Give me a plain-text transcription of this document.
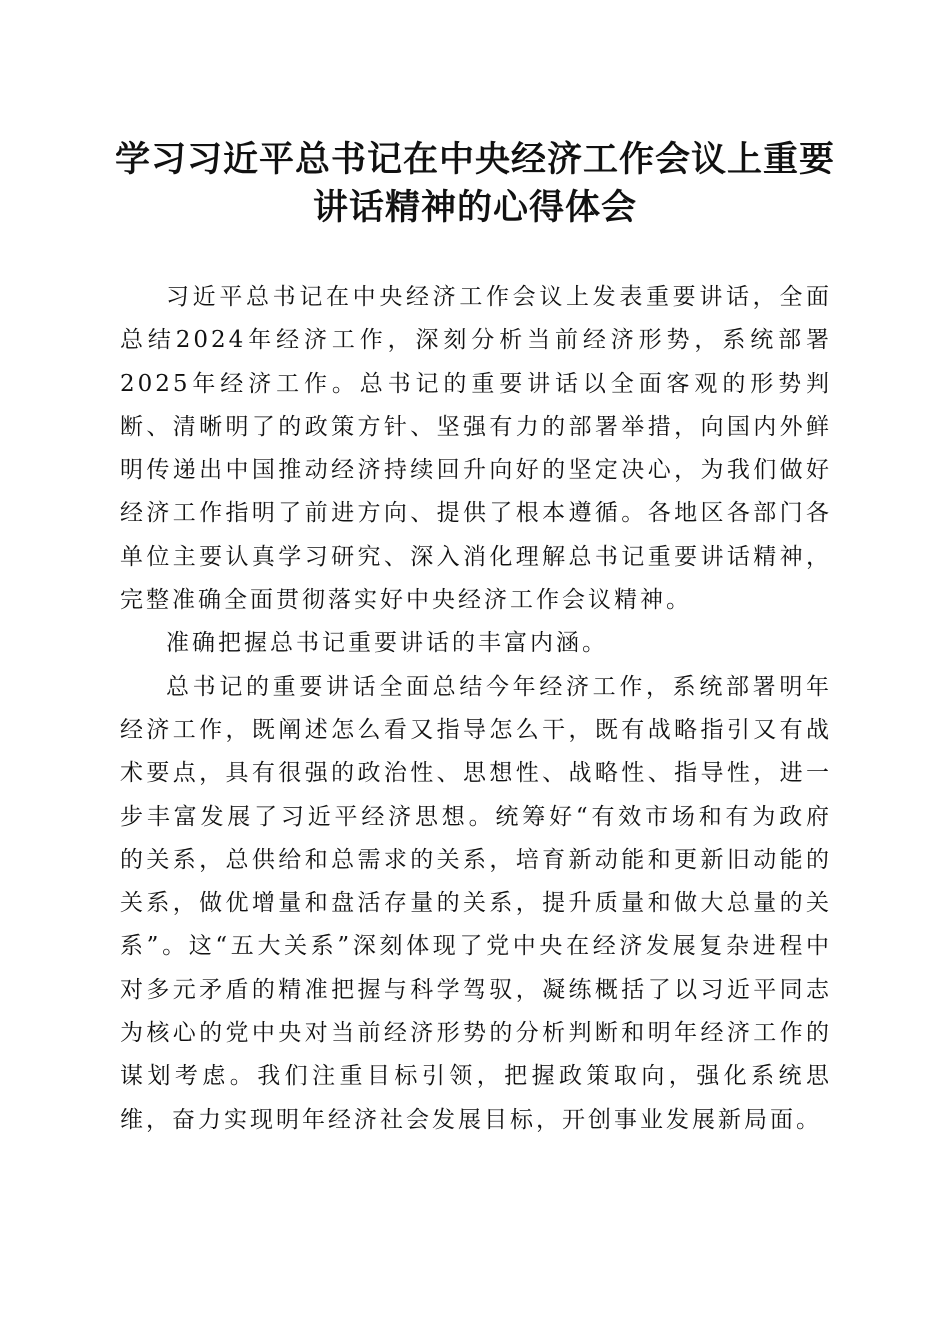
学习习近平总书记在中央经济工作会议上重要
讲话精神的心得体会

习近平总书记在中央经济工作会议上发表重要讲话，全面总结2024年经济工作，深刻分析当前经济形势，系统部署2025年经济工作。总书记的重要讲话以全面客观的形势判断、清晰明了的政策方针、坚强有力的部署举措，向国内外鲜明传递出中国推动经济持续回升向好的坚定决心，为我们做好经济工作指明了前进方向、提供了根本遵循。各地区各部门各单位主要认真学习研究、深入消化理解总书记重要讲话精神，完整准确全面贯彻落实好中央经济工作会议精神。

准确把握总书记重要讲话的丰富内涵。

总书记的重要讲话全面总结今年经济工作，系统部署明年经济工作，既阐述怎么看又指导怎么干，既有战略指引又有战术要点，具有很强的政治性、思想性、战略性、指导性，进一步丰富发展了习近平经济思想。统筹好“有效市场和有为政府的关系，总供给和总需求的关系，培育新动能和更新旧动能的关系，做优增量和盘活存量的关系，提升质量和做大总量的关系”。这“五大关系”深刻体现了党中央在经济发展复杂进程中对多元矛盾的精准把握与科学驾驭，凝练概括了以习近平同志为核心的党中央对当前经济形势的分析判断和明年经济工作的谋划考虑。我们注重目标引领，把握政策取向，强化系统思维，奋力实现明年经济社会发展目标，开创事业发展新局面。
